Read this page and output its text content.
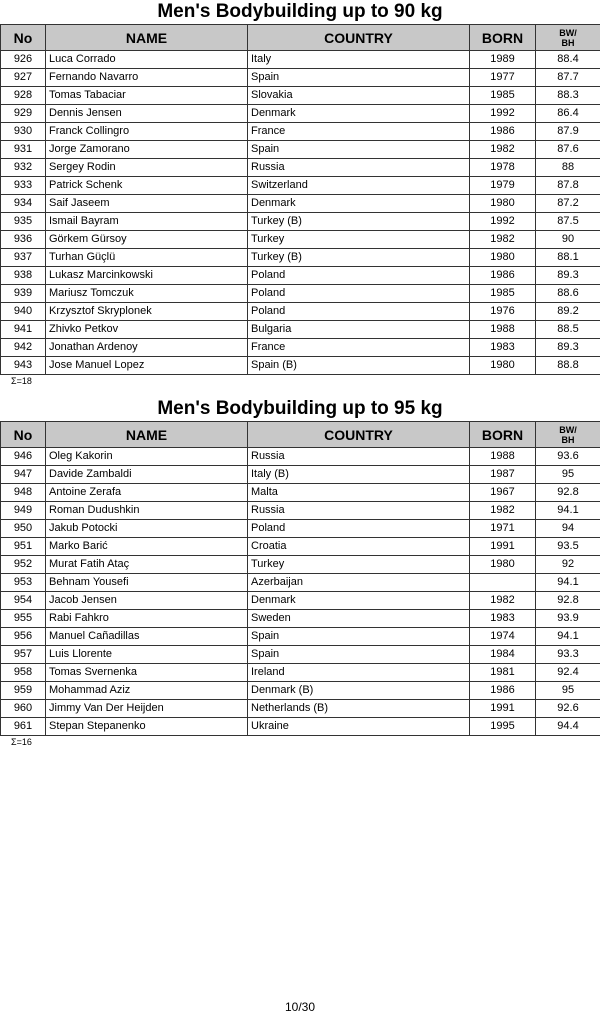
Men's Bodybuilding up to 90 kg
No	NAME	COUNTRY	BORN	BW/
BH
926	Luca Corrado	Italy	1989	88.4
927	Fernando Navarro	Spain	1977	87.7
928	Tomas Tabaciar	Slovakia	1985	88.3
929	Dennis Jensen	Denmark	1992	86.4
930	Franck Collingro	France	1986	87.9
931	Jorge Zamorano	Spain	1982	87.6
932	Sergey Rodin	Russia	1978	88
933	Patrick Schenk	Switzerland	1979	87.8
934	Saif Jaseem	Denmark	1980	87.2
935	Ismail Bayram	Turkey (B)	1992	87.5
936	Görkem Gürsoy	Turkey	1982	90
937	Turhan Güçlü	Turkey (B)	1980	88.1
938	Lukasz Marcinkowski	Poland	1986	89.3
939	Mariusz Tomczuk	Poland	1985	88.6
940	Krzysztof Skryplonek	Poland	1976	89.2
941	Zhivko Petkov	Bulgaria	1988	88.5
942	Jonathan Ardenoy	France	1983	89.3
943	Jose Manuel Lopez	Spain (B)	1980	88.8
Σ=18
Men's Bodybuilding up to 95 kg
No	NAME	COUNTRY	BORN	BW/
BH
946	Oleg Kakorin	Russia	1988	93.6
947	Davide Zambaldi	Italy (B)	1987	95
948	Antoine Zerafa	Malta	1967	92.8
949	Roman Dudushkin	Russia	1982	94.1
950	Jakub Potocki	Poland	1971	94
951	Marko Barić	Croatia	1991	93.5
952	Murat Fatih Ataç	Turkey	1980	92
953	Behnam Yousefi	Azerbaijan		94.1
954	Jacob Jensen	Denmark	1982	92.8
955	Rabi Fahkro	Sweden	1983	93.9
956	Manuel Cañadillas	Spain	1974	94.1
957	Luis Llorente	Spain	1984	93.3
958	Tomas Svernenka	Ireland	1981	92.4
959	Mohammad Aziz	Denmark (B)	1986	95
960	Jimmy Van Der Heijden	Netherlands (B)	1991	92.6
961	Stepan Stepanenko	Ukraine	1995	94.4
Σ=16
10/30
